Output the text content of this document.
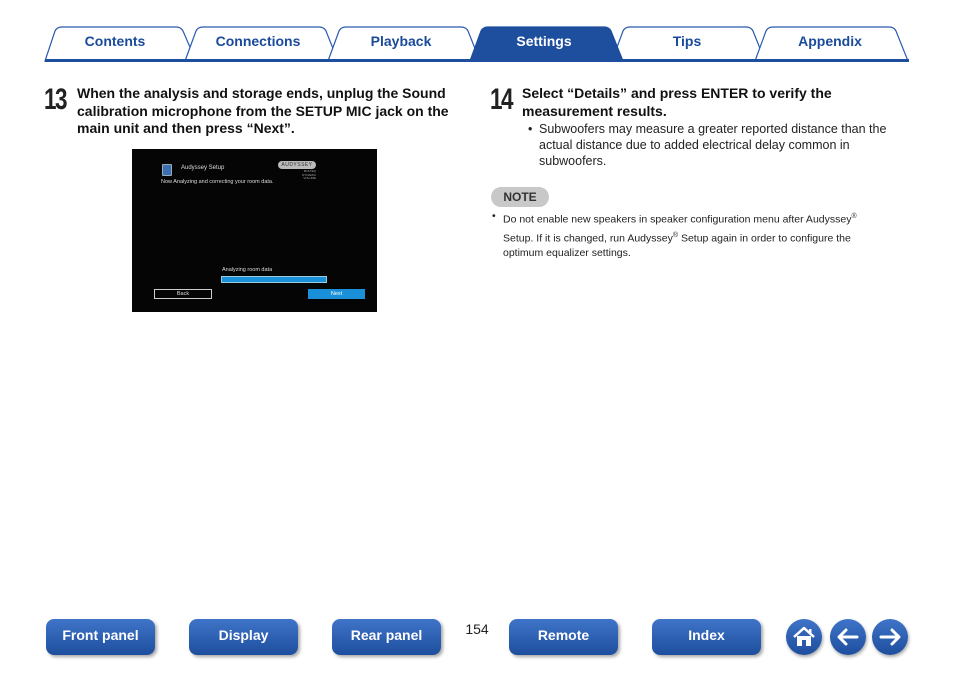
Contents	Connections	Playback	Settings	Tips	Appendix
13 When the analysis and storage ends, unplug the Sound
calibration microphone from the SETUP MIC jack on the
main unit and then press “Next”.
Audyssey Setup	AUDYSSEY
MULTEQ
DYNAMIC VOLUME
Now Analyzing and correcting your room data.
Analyzing room data
Back	Next
14 Select “Details” and press ENTER to verify the
measurement results.
• Subwoofers may measure a greater reported distance than the
actual distance due to added electrical delay common in
subwoofers.
NOTE
• Do not enable new speakers in speaker configuration menu after Audyssey®
Setup. If it is changed, run Audyssey® Setup again in order to configure the
optimum equalizer settings.
Front panel	Display	Rear panel	154	Remote	Index
